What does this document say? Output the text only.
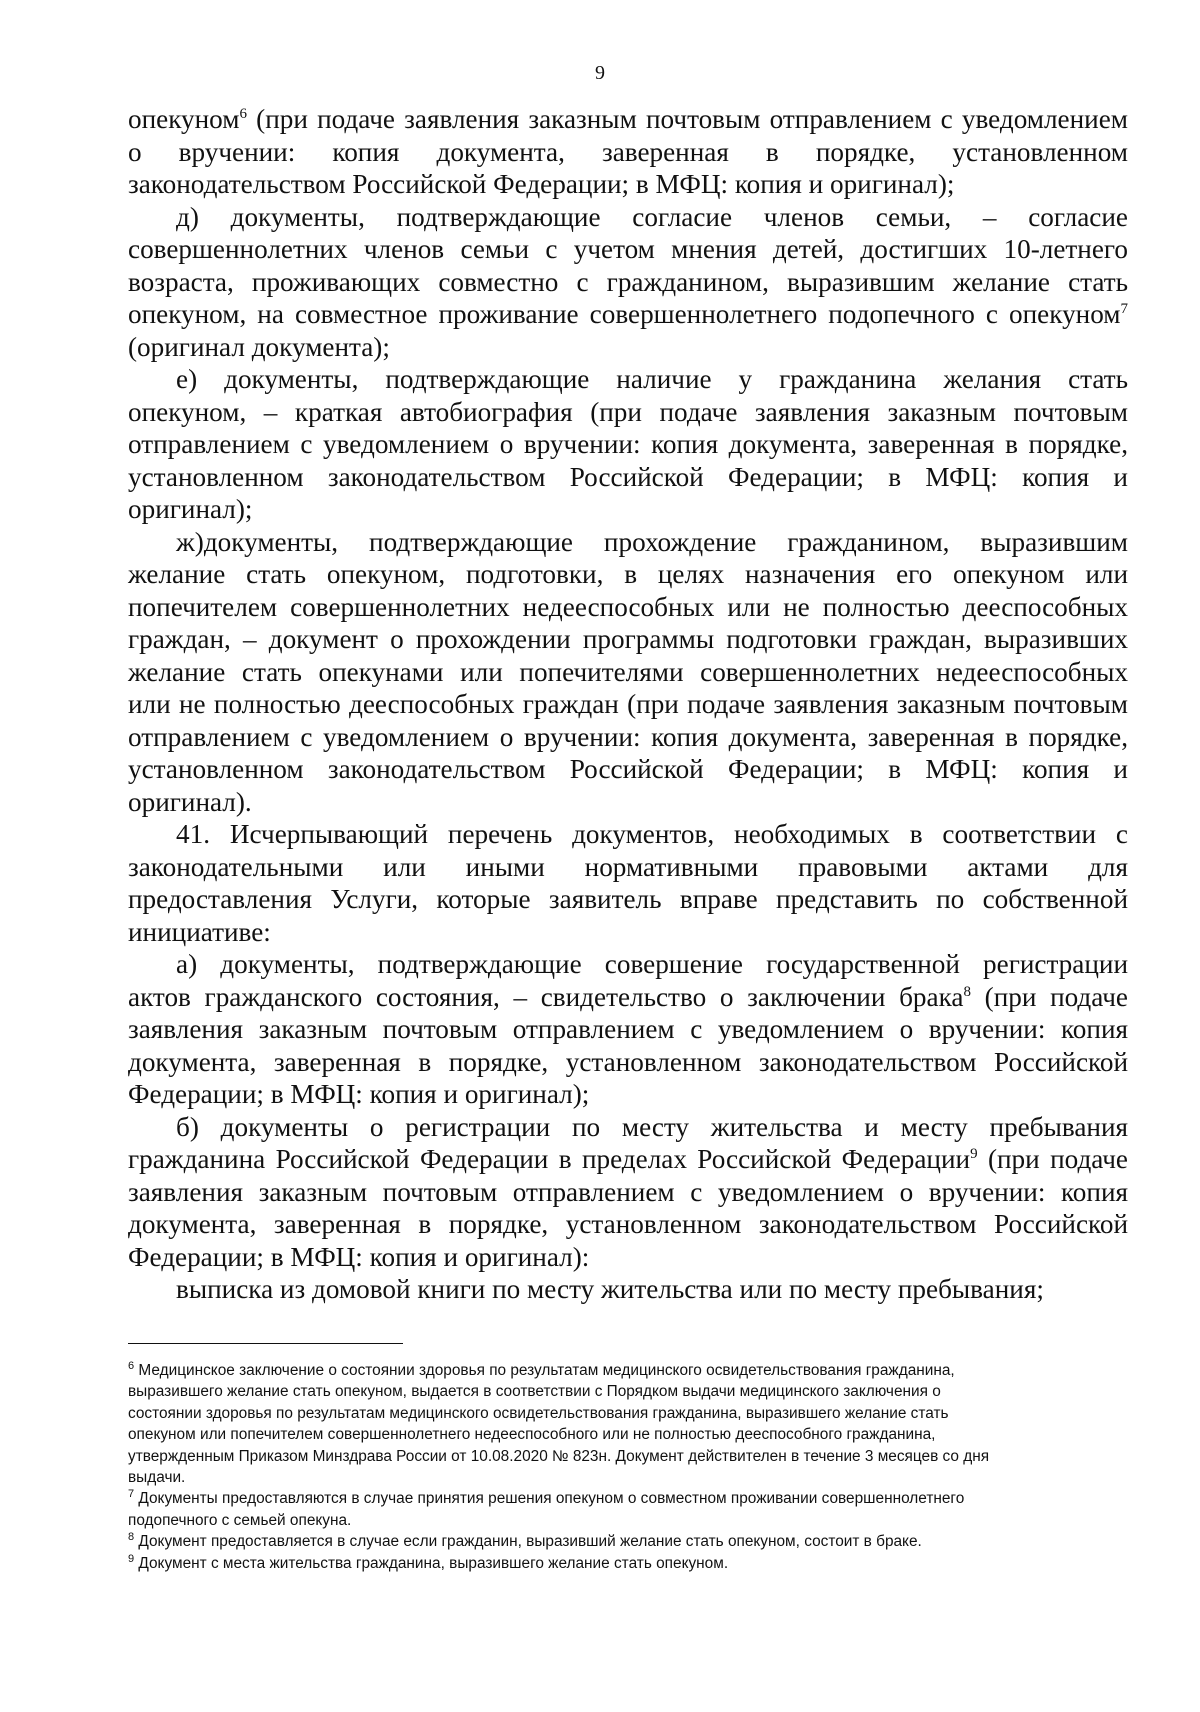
9

опекуном$^6$ (при подаче заявления заказным почтовым отправлением с уведомлением

о вручении: копия документа, заверенная в порядке, установленном

законодательством Российской Федерации; в МФЦ: копия и оригинал);

д) документы, подтверждающие согласие членов семьи, – согласие

совершеннолетних членов семьи с учетом мнения детей, достигших 10-летнего

возраста, проживающих совместно с гражданином, выразившим желание стать

опекуном, на совместное проживание совершеннолетнего подопечного с опекуном$^7$

(оригинал документа);

е) документы, подтверждающие наличие у гражданина желания стать

опекуном, – краткая автобиография (при подаче заявления заказным почтовым

отправлением с уведомлением о вручении: копия документа, заверенная в порядке,

установленном законодательством Российской Федерации; в МФЦ: копия и

оригинал);

ж)документы, подтверждающие прохождение гражданином, выразившим

желание стать опекуном, подготовки, в целях назначения его опекуном или

попечителем совершеннолетних недееспособных или не полностью дееспособных

граждан, – документ о прохождении программы подготовки граждан, выразивших

желание стать опекунами или попечителями совершеннолетних недееспособных

или не полностью дееспособных граждан (при подаче заявления заказным почтовым

отправлением с уведомлением о вручении: копия документа, заверенная в порядке,

установленном законодательством Российской Федерации; в МФЦ: копия и

оригинал).

41. Исчерпывающий перечень документов, необходимых в соответствии с

законодательными или иными нормативными правовыми актами для

предоставления Услуги, которые заявитель вправе представить по собственной

инициативе:

а) документы, подтверждающие совершение государственной регистрации

актов гражданского состояния, – свидетельство о заключении брака$^8$ (при подаче

заявления заказным почтовым отправлением с уведомлением о вручении: копия

документа, заверенная в порядке, установленном законодательством Российской

Федерации; в МФЦ: копия и оригинал);

б) документы о регистрации по месту жительства и месту пребывания

гражданина Российской Федерации в пределах Российской Федерации$^9$ (при подаче

заявления заказным почтовым отправлением с уведомлением о вручении: копия

документа, заверенная в порядке, установленном законодательством Российской

Федерации; в МФЦ: копия и оригинал):

выписка из домовой книги по месту жительства или по месту пребывания;

$^6$ Медицинское заключение о состоянии здоровья по результатам медицинского освидетельствования гражданина,

выразившего желание стать опекуном, выдается в соответствии с Порядком выдачи медицинского заключения о

состоянии здоровья по результатам медицинского освидетельствования гражданина, выразившего желание стать

опекуном или попечителем совершеннолетнего недееспособного или не полностью дееспособного гражданина,

утвержденным Приказом Минздрава России от 10.08.2020 № 823н. Документ действителен в течение 3 месяцев со дня

выдачи.

$^7$ Документы предоставляются в случае принятия решения опекуном о совместном проживании совершеннолетнего

подопечного с семьей опекуна.

$^8$ Документ предоставляется в случае если гражданин, выразивший желание стать опекуном, состоит в браке.

$^9$ Документ с места жительства гражданина, выразившего желание стать опекуном.
